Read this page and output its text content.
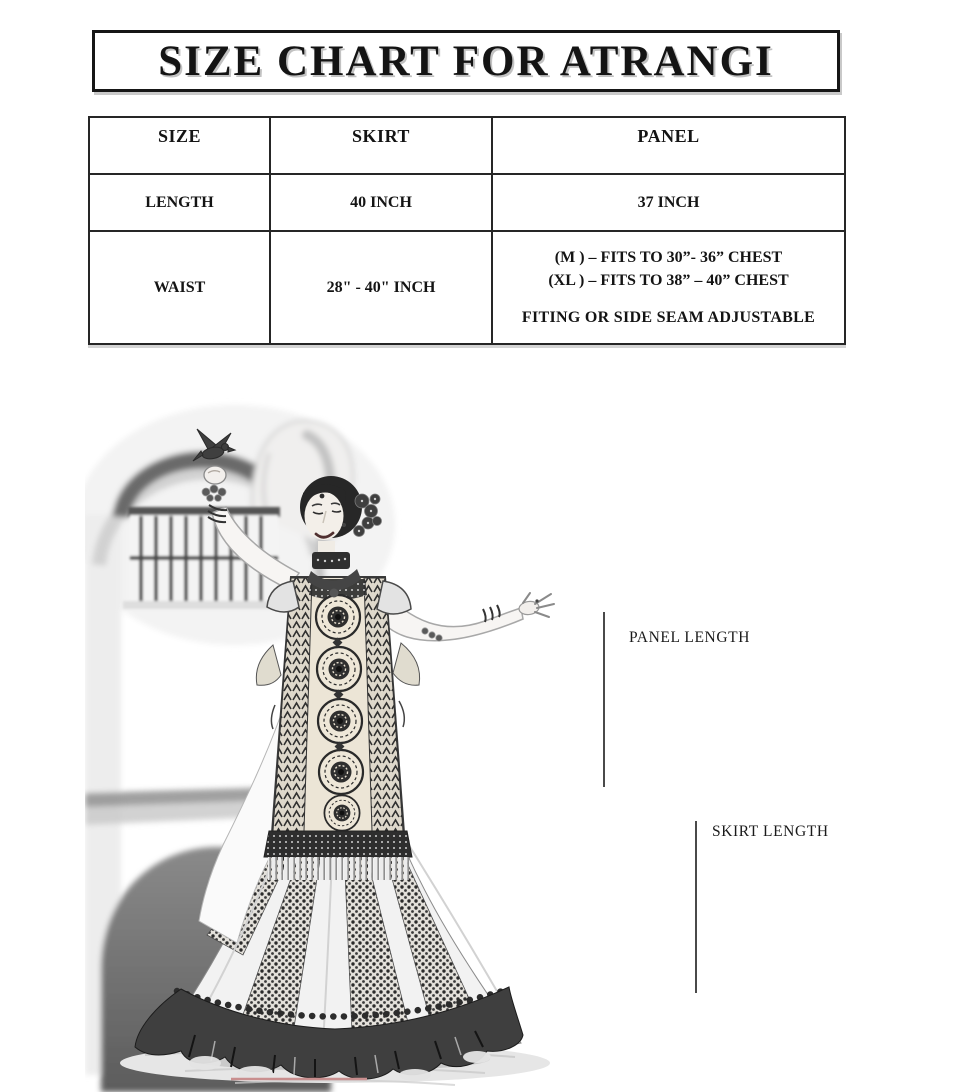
SIZE CHART FOR ATRANGI
SIZE	SKIRT	PANEL
LENGTH	40 INCH	37 INCH
WAIST	28" - 40" INCH	(M ) – FITS TO 30”- 36” CHEST
(XL ) – FITS TO 38” – 40” CHEST
FITING OR SIDE SEAM ADJUSTABLE
PANEL LENGTH
SKIRT LENGTH
